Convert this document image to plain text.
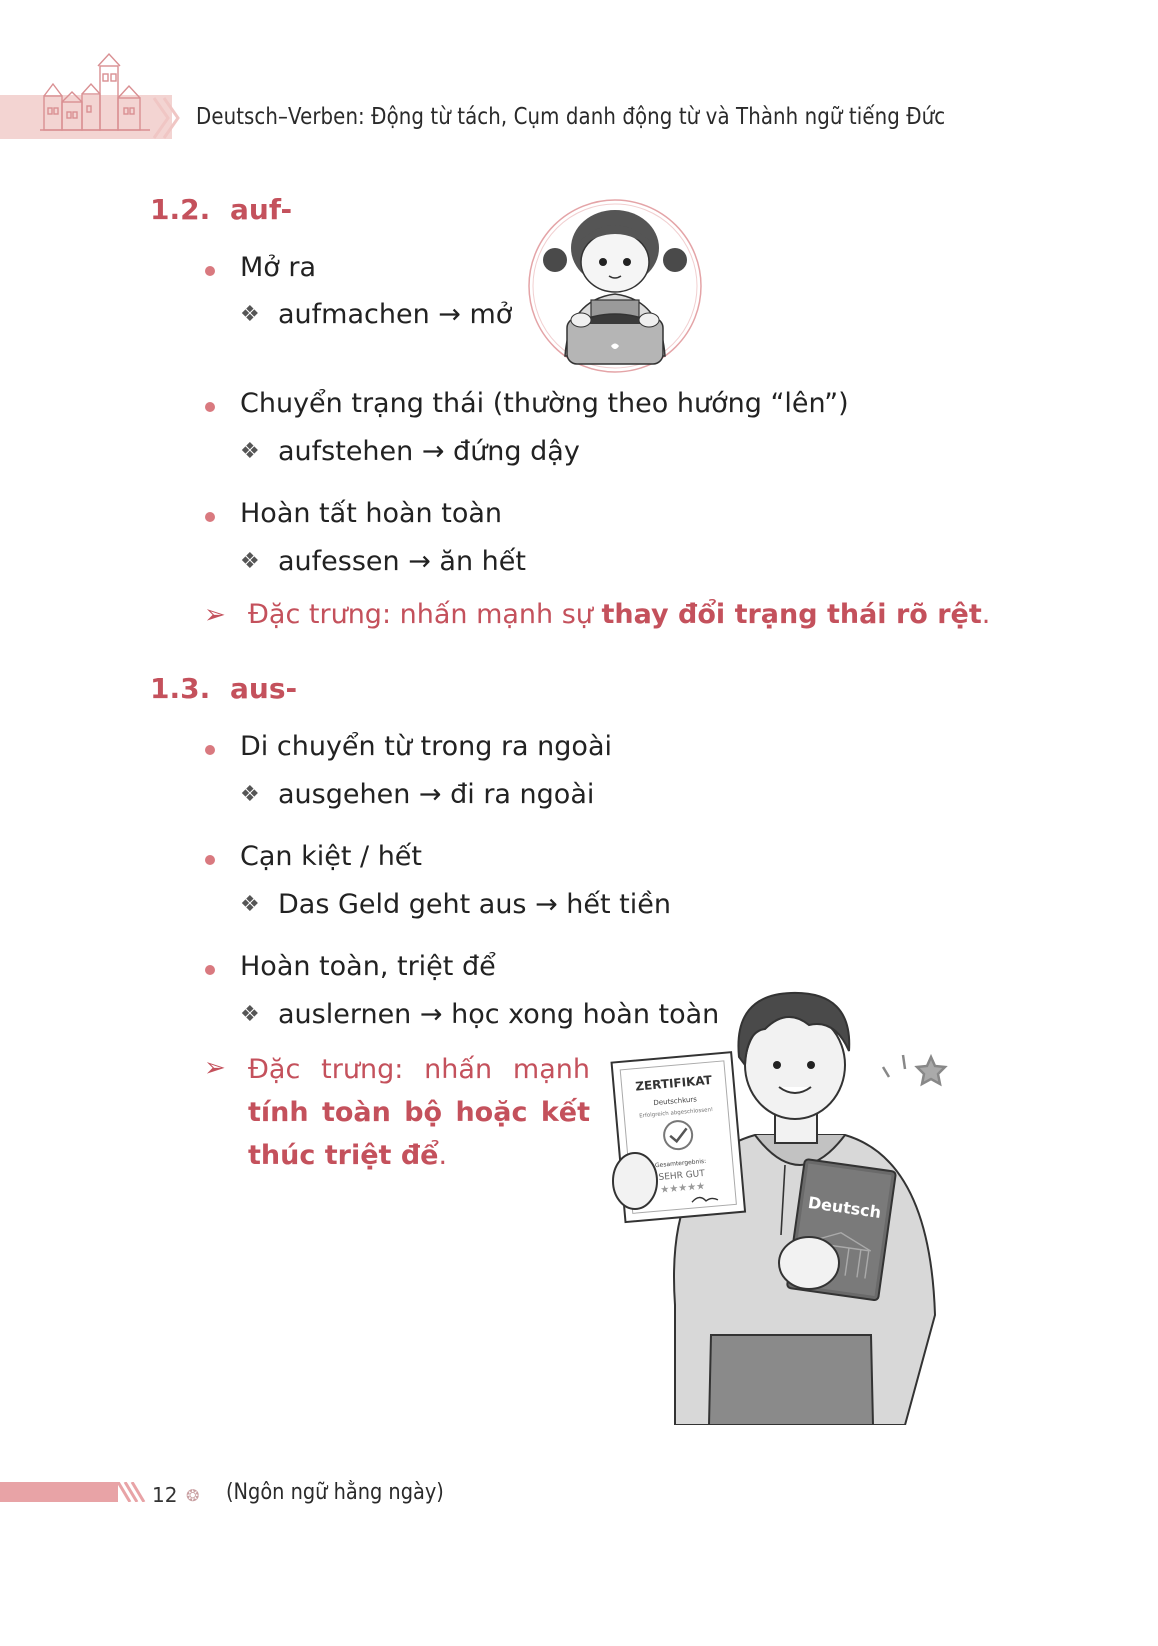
Deutsch–Verben: Động từ tách, Cụm danh động từ và Thành ngữ tiếng Đức
1.2. auf-
Mở ra
❖ aufmachen → mở
Chuyển trạng thái (thường theo hướng “lên”)
❖ aufstehen → đứng dậy
Hoàn tất hoàn toàn
❖ aufessen → ăn hết
➢ Đặc trưng: nhấn mạnh sự thay đổi trạng thái rõ rệt.
1.3. aus-
Di chuyển từ trong ra ngoài
❖ ausgehen → đi ra ngoài
Cạn kiệt / hết
❖ Das Geld geht aus → hết tiền
Hoàn toàn, triệt để
❖ auslernen → học xong hoàn toàn
➢ Đặc trưng: nhấn mạnh
tính toàn bộ hoặc kết
thúc triệt để.
ZERTIFIKAT
Deutschkurs
Erfolgreich abgeschlossen!
Gesamtergebnis:
SEHR GUT
★★★★★
Deutsch
12 ❂ (Ngôn ngữ hằng ngày)
